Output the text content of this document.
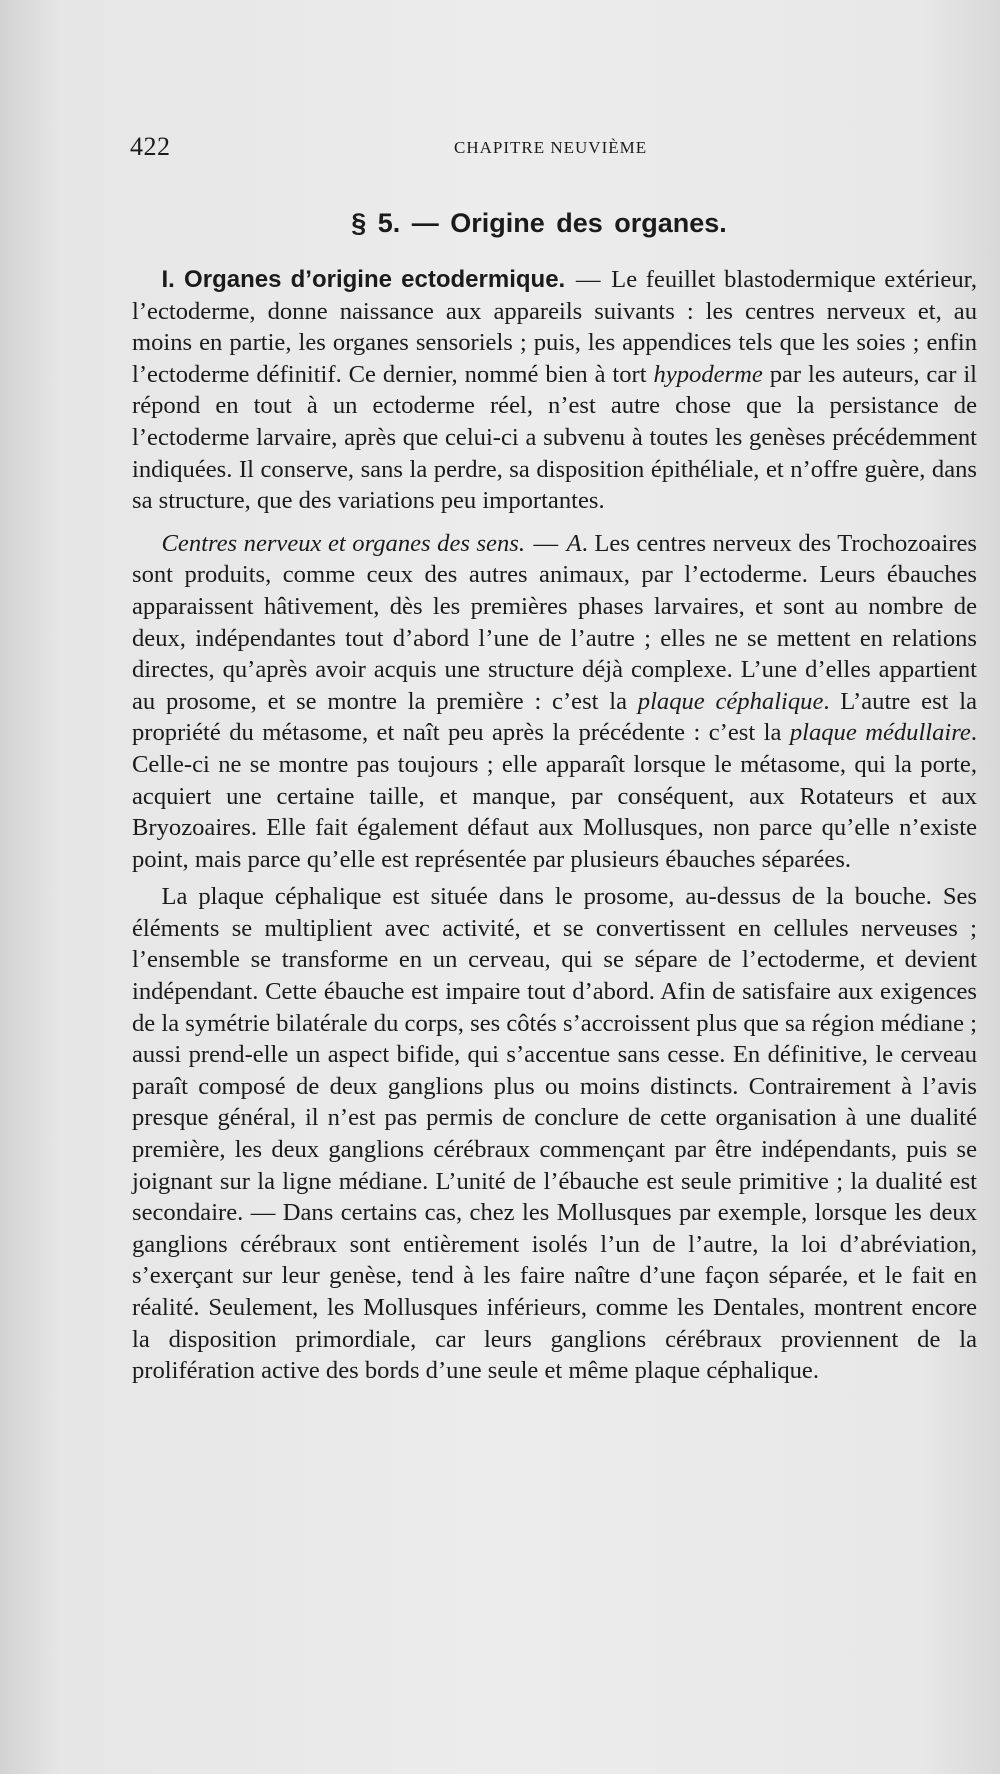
422	CHAPITRE NEUVIÈME
§ 5. — Origine des organes.

I. Organes d’origine ectodermique. — Le feuillet blastodermique extérieur, l’ectoderme, donne naissance aux appareils suivants : les centres nerveux et, au moins en partie, les organes sensoriels ; puis, les appendices tels que les soies ; enfin l’ectoderme définitif. Ce dernier, nommé bien à tort hypoderme par les auteurs, car il répond en tout à un ectoderme réel, n’est autre chose que la persistance de l’ectoderme larvaire, après que celui-ci a subvenu à toutes les genèses précédemment indiquées. Il conserve, sans la perdre, sa disposition épithéliale, et n’offre guère, dans sa structure, que des variations peu importantes.

Centres nerveux et organes des sens. — A. Les centres nerveux des Trochozoaires sont produits, comme ceux des autres animaux, par l’ectoderme. Leurs ébauches apparaissent hâtivement, dès les premières phases larvaires, et sont au nombre de deux, indépendantes tout d’abord l’une de l’autre ; elles ne se mettent en relations directes, qu’après avoir acquis une structure déjà complexe. L’une d’elles appartient au prosome, et se montre la première : c’est la plaque céphalique. L’autre est la propriété du métasome, et naît peu après la précédente : c’est la plaque médullaire. Celle-ci ne se montre pas toujours ; elle apparaît lorsque le métasome, qui la porte, acquiert une certaine taille, et manque, par conséquent, aux Rotateurs et aux Bryozoaires. Elle fait également défaut aux Mollusques, non parce qu’elle n’existe point, mais parce qu’elle est représentée par plusieurs ébauches séparées.

La plaque céphalique est située dans le prosome, au-dessus de la bouche. Ses éléments se multiplient avec activité, et se convertissent en cellules nerveuses ; l’ensemble se transforme en un cerveau, qui se sépare de l’ectoderme, et devient indépendant. Cette ébauche est impaire tout d’abord. Afin de satisfaire aux exigences de la symétrie bilatérale du corps, ses côtés s’accroissent plus que sa région médiane ; aussi prend-elle un aspect bifide, qui s’accentue sans cesse. En définitive, le cerveau paraît composé de deux ganglions plus ou moins distincts. Contrairement à l’avis presque général, il n’est pas permis de conclure de cette organisation à une dualité première, les deux ganglions cérébraux commençant par être indépendants, puis se joignant sur la ligne médiane. L’unité de l’ébauche est seule primitive ; la dualité est secondaire. — Dans certains cas, chez les Mollusques par exemple, lorsque les deux ganglions cérébraux sont entièrement isolés l’un de l’autre, la loi d’abréviation, s’exerçant sur leur genèse, tend à les faire naître d’une façon séparée, et le fait en réalité. Seulement, les Mollusques inférieurs, comme les Dentales, montrent encore la disposition primordiale, car leurs ganglions cérébraux proviennent de la prolifération active des bords d’une seule et même plaque céphalique.
